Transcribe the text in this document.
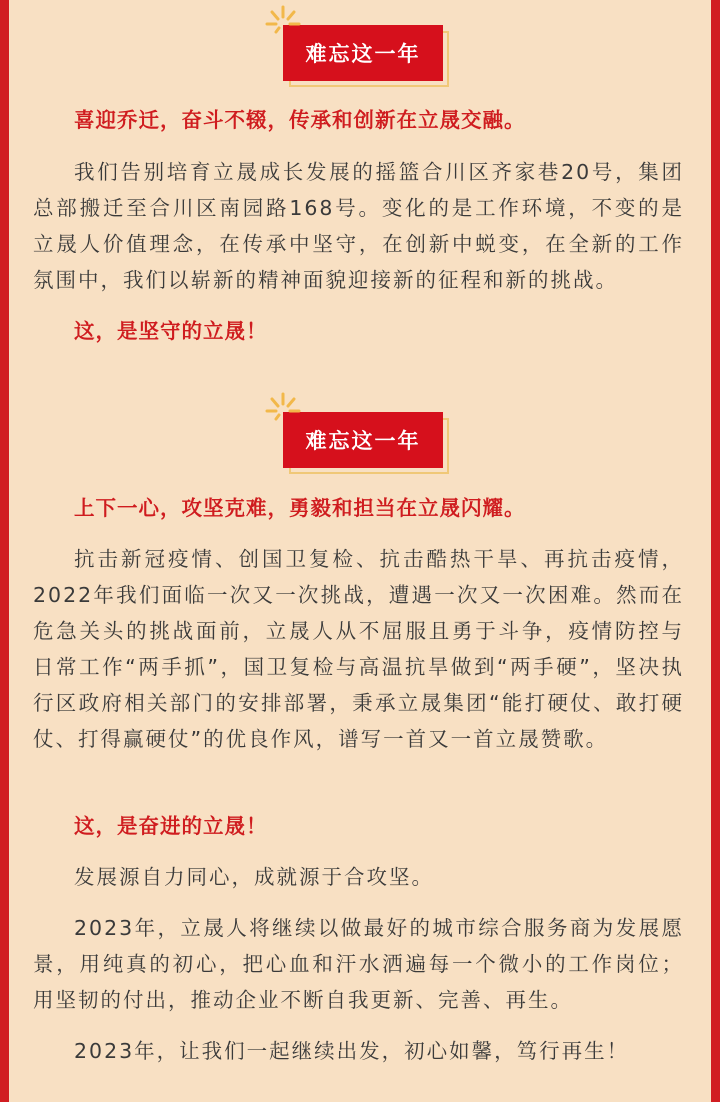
难忘这一年
喜迎乔迁，奋斗不辍，传承和创新在立晟交融。
我们告别培育立晟成长发展的摇篮合川区齐家巷20号，集团总部搬迁至合川区南园路168号。变化的是工作环境，不变的是立晟人价值理念，在传承中坚守，在创新中蜕变，在全新的工作氛围中，我们以崭新的精神面貌迎接新的征程和新的挑战。
这，是坚守的立晟！
难忘这一年
上下一心，攻坚克难，勇毅和担当在立晟闪耀。
抗击新冠疫情、创国卫复检、抗击酷热干旱、再抗击疫情，2022年我们面临一次又一次挑战，遭遇一次又一次困难。然而在危急关头的挑战面前，立晟人从不屈服且勇于斗争，疫情防控与日常工作“两手抓”，国卫复检与高温抗旱做到“两手硬”，坚决执行区政府相关部门的安排部署，秉承立晟集团“能打硬仗、敢打硬仗、打得赢硬仗”的优良作风，谱写一首又一首立晟赞歌。
这，是奋进的立晟！
发展源自力同心，成就源于合攻坚。
2023年，立晟人将继续以做最好的城市综合服务商为发展愿景，用纯真的初心，把心血和汗水洒遍每一个微小的工作岗位；用坚韧的付出，推动企业不断自我更新、完善、再生。
2023年，让我们一起继续出发，初心如馨，笃行再生！
